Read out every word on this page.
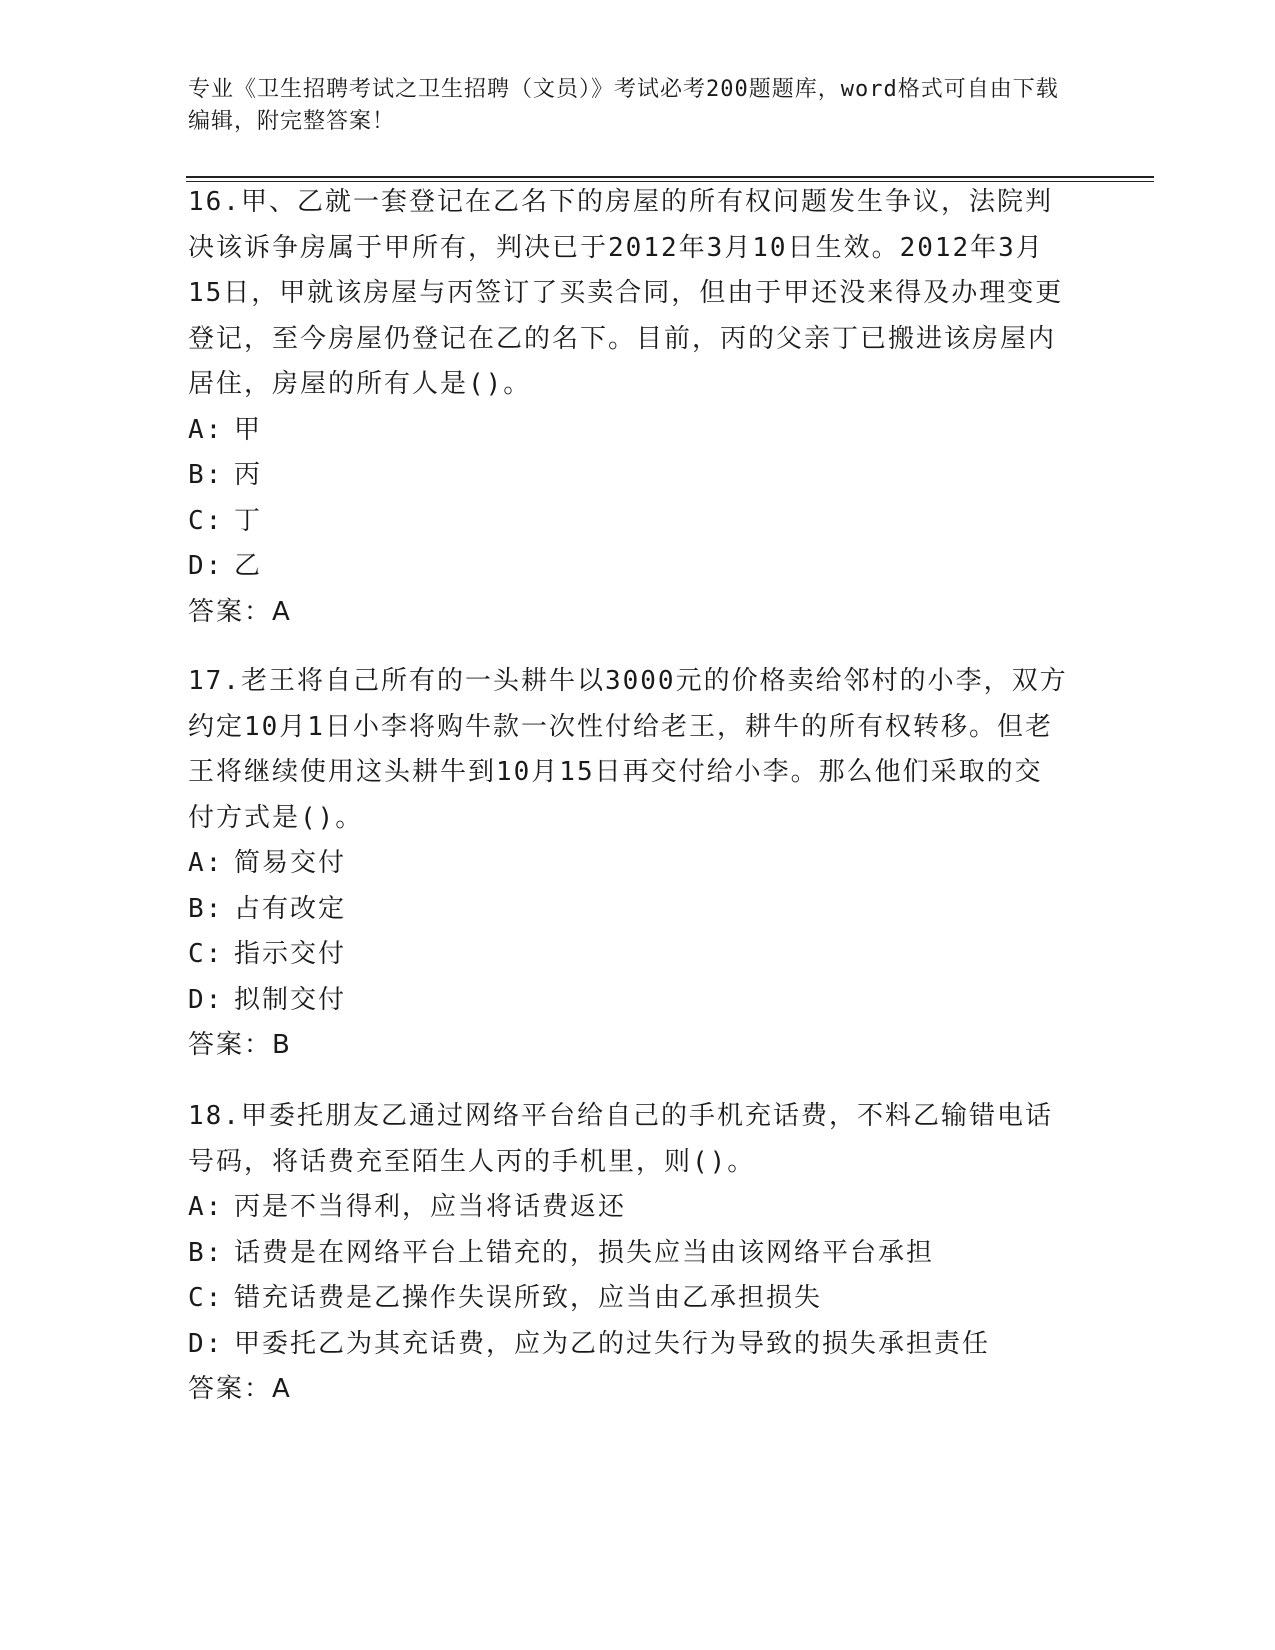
专业《卫生招聘考试之卫生招聘（文员）》考试必考200题题库，word格式可自由下载编辑，附完整答案！

16.甲、乙就一套登记在乙名下的房屋的所有权问题发生争议，法院判决该诉争房属于甲所有，判决已于2012年3月10日生效。2012年3月15日，甲就该房屋与丙签订了买卖合同，但由于甲还没来得及办理变更登记，至今房屋仍登记在乙的名下。目前，丙的父亲丁已搬进该房屋内居住，房屋的所有人是()。

A: 甲

B: 丙

C: 丁

D: 乙

答案：A

17.老王将自己所有的一头耕牛以3000元的价格卖给邻村的小李，双方约定10月1日小李将购牛款一次性付给老王，耕牛的所有权转移。但老王将继续使用这头耕牛到10月15日再交付给小李。那么他们采取的交付方式是()。

A: 简易交付

B: 占有改定

C: 指示交付

D: 拟制交付

答案：B

18.甲委托朋友乙通过网络平台给自己的手机充话费，不料乙输错电话号码，将话费充至陌生人丙的手机里，则()。

A: 丙是不当得利，应当将话费返还

B: 话费是在网络平台上错充的，损失应当由该网络平台承担

C: 错充话费是乙操作失误所致，应当由乙承担损失

D: 甲委托乙为其充话费，应为乙的过失行为导致的损失承担责任

答案：A
